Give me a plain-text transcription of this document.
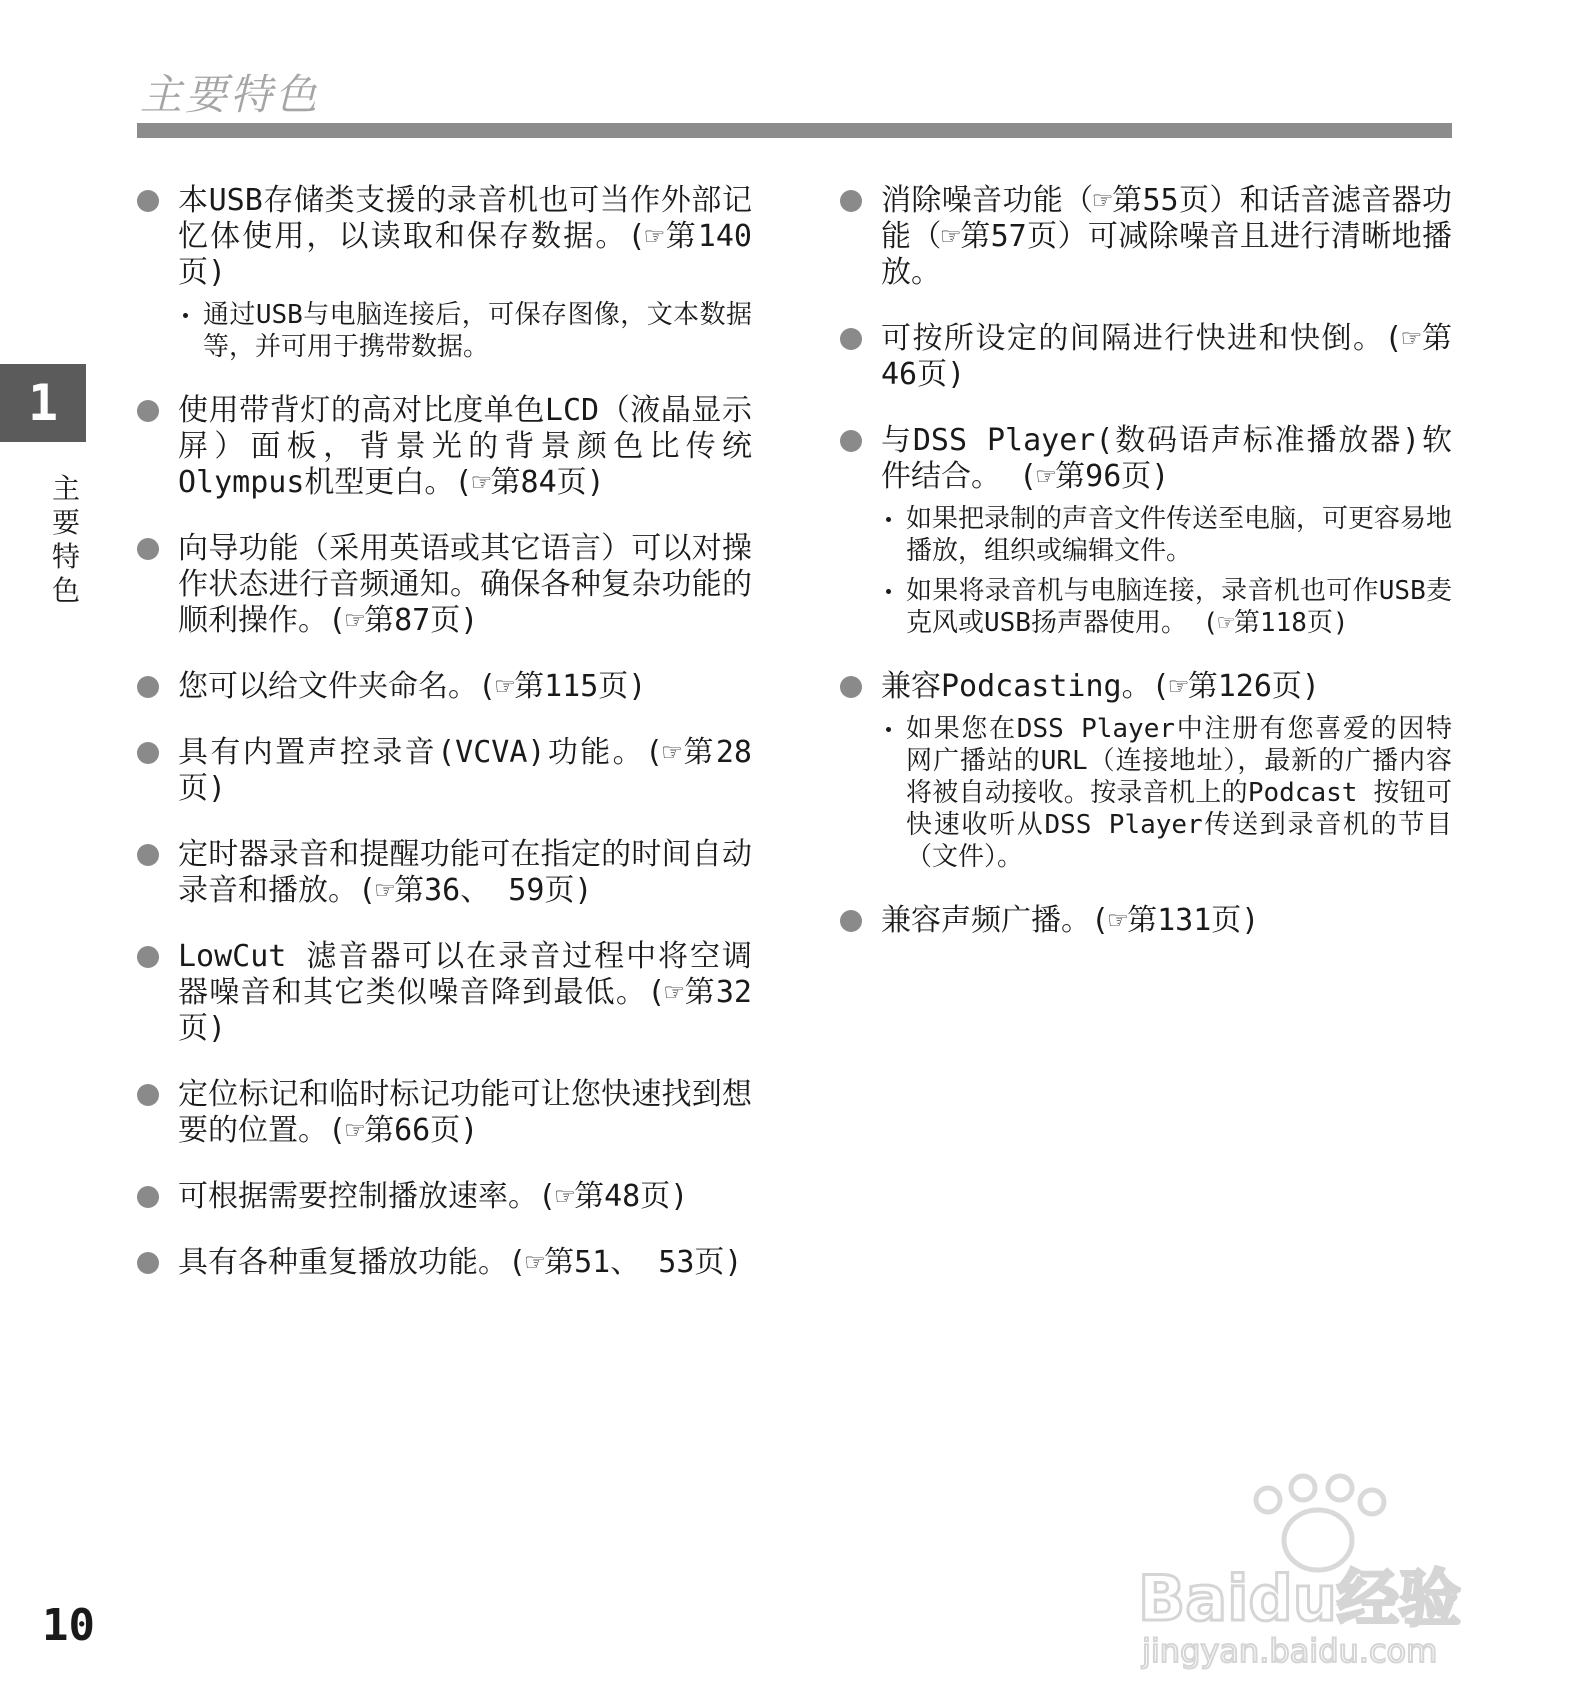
主要特色
1
主要特色

本USB存储类支援的录音机也可当作外部记忆体使用，以读取和保存数据。(☞第140页)

通过USB与电脑连接后，可保存图像，文本数据等，并可用于携带数据。

使用带背灯的高对比度单色LCD（液晶显示屏）面板，背景光的背景颜色比传统Olympus机型更白。(☞第84页)

向导功能（采用英语或其它语言）可以对操作状态进行音频通知。确保各种复杂功能的顺利操作。(☞第87页)

您可以给文件夹命名。(☞第115页)

具有内置声控录音(VCVA)功能。(☞第28页)

定时器录音和提醒功能可在指定的时间自动录音和播放。(☞第36、 59页)

LowCut 滤音器可以在录音过程中将空调器噪音和其它类似噪音降到最低。(☞第32页)

定位标记和临时标记功能可让您快速找到想要的位置。(☞第66页)

可根据需要控制播放速率。(☞第48页)

具有各种重复播放功能。(☞第51、 53页)

消除噪音功能（☞第55页）和话音滤音器功能（☞第57页）可减除噪音且进行清晰地播放。

可按所设定的间隔进行快进和快倒。(☞第46页)

与DSS Player(数码语声标准播放器)软件结合。 (☞第96页)

如果把录制的声音文件传送至电脑，可更容易地播放，组织或编辑文件。

如果将录音机与电脑连接，录音机也可作USB麦克风或USB扬声器使用。 (☞第118页)

兼容Podcasting。(☞第126页)

如果您在DSS Player中注册有您喜爱的因特网广播站的URL（连接地址），最新的广播内容将被自动接收。按录音机上的Podcast 按钮可快速收听从DSS Player传送到录音机的节目（文件）。

兼容声频广播。(☞第131页)

10	Baidu经验
jingyan.baidu.com
